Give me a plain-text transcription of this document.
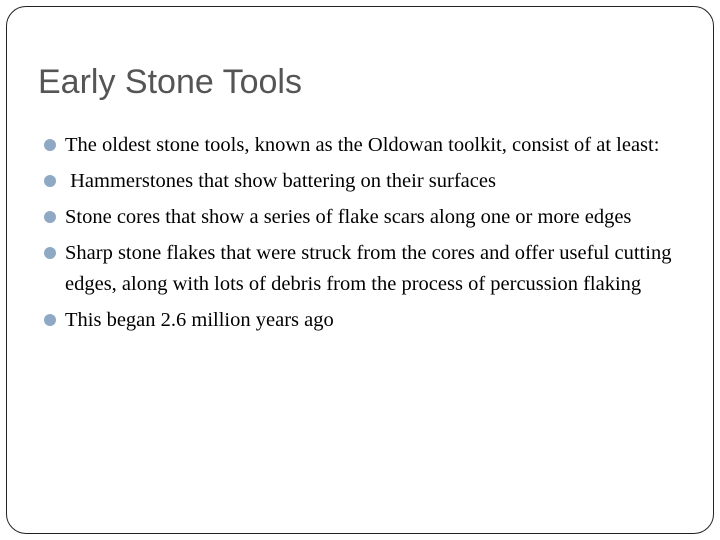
Early Stone Tools
The oldest stone tools, known as the Oldowan toolkit, consist of at least:
Hammerstones that show battering on their surfaces
Stone cores that show a series of flake scars along one or more edges
Sharp stone flakes that were struck from the cores and offer useful cutting edges, along with lots of debris from the process of percussion flaking
This began 2.6 million years ago
